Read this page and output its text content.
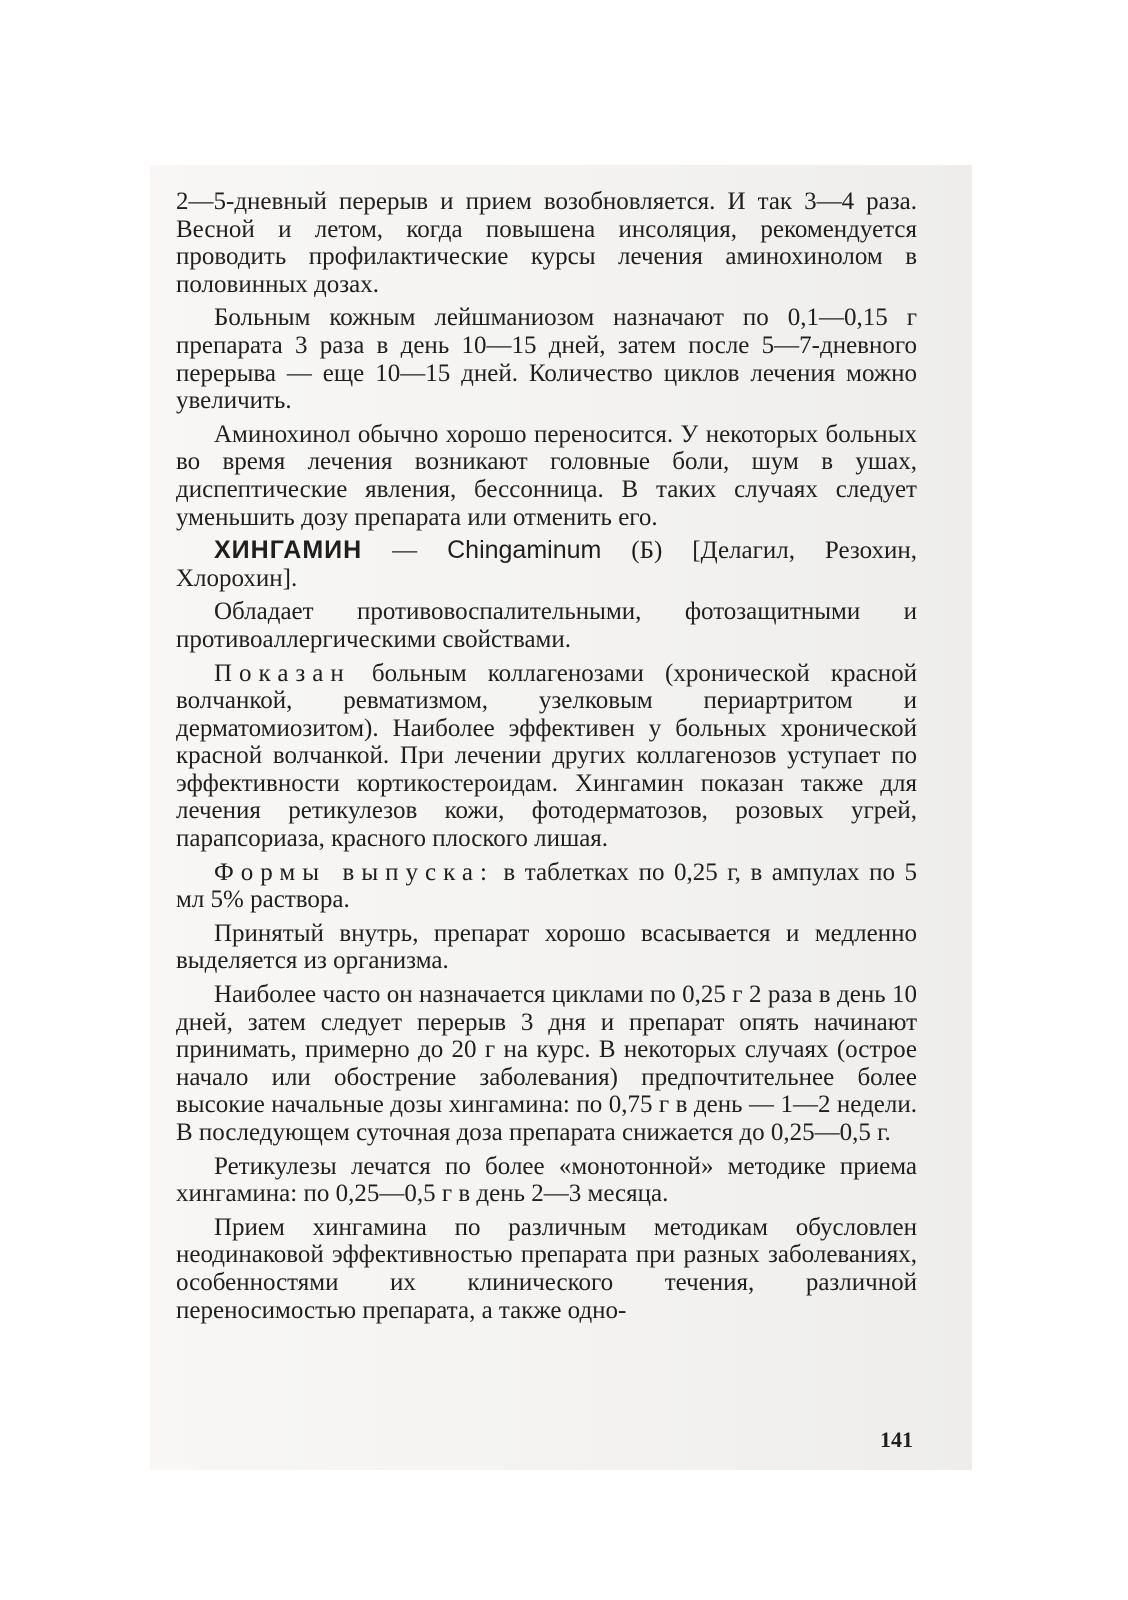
2—5-дневный перерыв и прием возобновляется. И так 3—4 раза. Весной и летом, когда повышена инсоляция, рекомендуется проводить профилактические курсы лечения аминохинолом в половинных дозах.

Больным кожным лейшманиозом назначают по 0,1—0,15 г препарата 3 раза в день 10—15 дней, затем после 5—7-дневного перерыва — еще 10—15 дней. Количество циклов лечения можно увеличить.

Аминохинол обычно хорошо переносится. У некоторых больных во время лечения возникают головные боли, шум в ушах, диспептические явления, бессонница. В таких случаях следует уменьшить дозу препарата или отменить его.

ХИНГАМИН — Chingaminum (Б) [Делагил, Резохин, Хлорохин].

Обладает противовоспалительными, фотозащитными и противоаллергическими свойствами.

Показан больным коллагенозами (хронической красной волчанкой, ревматизмом, узелковым периартритом и дерматомиозитом). Наиболее эффективен у больных хронической красной волчанкой. При лечении других коллагенозов уступает по эффективности кортикостероидам. Хингамин показан также для лечения ретикулезов кожи, фотодерматозов, розовых угрей, парапсориаза, красного плоского лишая.

Формы выпуска: в таблетках по 0,25 г, в ампулах по 5 мл 5% раствора.

Принятый внутрь, препарат хорошо всасывается и медленно выделяется из организма.

Наиболее часто он назначается циклами по 0,25 г 2 раза в день 10 дней, затем следует перерыв 3 дня и препарат опять начинают принимать, примерно до 20 г на курс. В некоторых случаях (острое начало или обострение заболевания) предпочтительнее более высокие начальные дозы хингамина: по 0,75 г в день — 1—2 недели. В последующем суточная доза препарата снижается до 0,25—0,5 г.

Ретикулезы лечатся по более «монотонной» методике приема хингамина: по 0,25—0,5 г в день 2—3 месяца.

Прием хингамина по различным методикам обусловлен неодинаковой эффективностью препарата при разных заболеваниях, особенностями их клинического течения, различной переносимостью препарата, а также одно-

141
